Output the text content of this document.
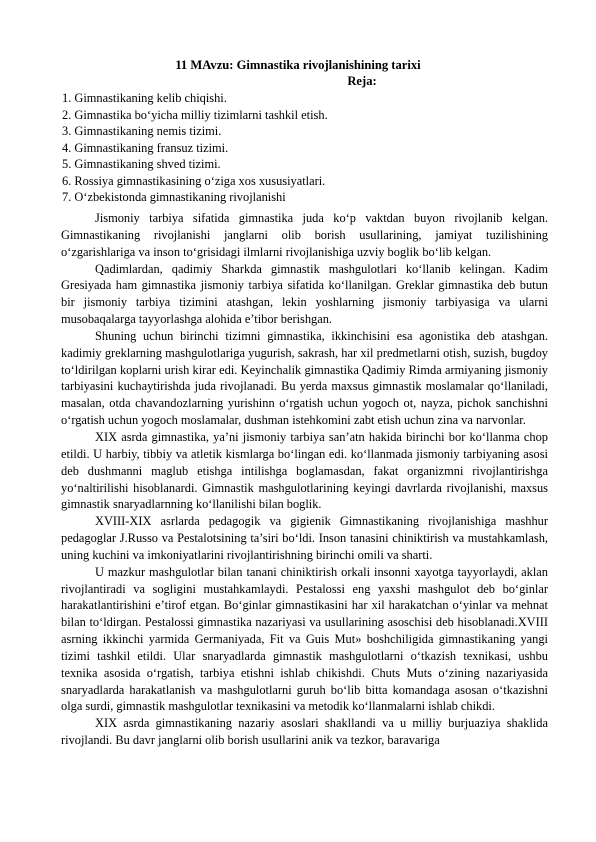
11 MAvzu: Gimnastika rivojlanishining tarixi
Reja:
1. Gimnastikaning kelib chiqishi.
2. Gimnastika bo‘yicha milliy tizimlarni tashkil etish.
3. Gimnastikaning nemis tizimi.
4. Gimnastikaning fransuz tizimi.
5. Gimnastikaning shved tizimi.
6. Rossiya gimnastikasining o‘ziga xos xususiyatlari.
7. O‘zbekistonda gimnastikaning rivojlanishi

Jismoniy tarbiya sifatida gimnastika juda ko‘p vaktdan buyon rivojlanib kelgan. Gimnastikaning rivojlanishi janglarni olib borish usullarining, jamiyat tuzilishining o‘zgarishlariga va inson to‘grisidagi ilmlarni rivojlanishiga uzviy boglik bo‘lib kelgan.

Qadimlardan, qadimiy Sharkda gimnastik mashgulotlari ko‘llanib kelingan. Kadim Gresiyada ham gimnastika jismoniy tarbiya sifatida ko‘llanilgan. Greklar gimnastika deb butun bir jismoniy tarbiya tizimini atashgan, lekin yoshlarning jismoniy tarbiyasiga va ularni musobaqalarga tayyorlashga alohida e’tibor berishgan.

Shuning uchun birinchi tizimni gimnastika, ikkinchisini esa agonistika deb atashgan. kadimiy greklarning mashgulotlariga yugurish, sakrash, har xil predmetlarni otish, suzish, bugdoy to‘ldirilgan koplarni urish kirar edi. Keyinchalik gimnastika Qadimiy Rimda armiyaning jismoniy tarbiyasini kuchaytirishda juda rivojlanadi. Bu yerda maxsus gimnastik moslamalar qo‘llaniladi, masalan, otda chavandozlarning yurishinn o‘rgatish uchun yogoch ot, nayza, pichok sanchishni o‘rgatish uchun yogoch moslamalar, dushman istehkomini zabt etish uchun zina va narvonlar.

XIX asrda gimnastika, ya’ni jismoniy tarbiya san’atn hakida birinchi bor ko‘llanma chop etildi. U harbiy, tibbiy va atletik kismlarga bo‘lingan edi. ko‘llanmada jismoniy tarbiyaning asosi deb dushmanni maglub etishga intilishga boglamasdan, fakat organizmni rivojlantirishga yo‘naltirilishi hisoblanardi. Gimnastik mashgulotlarining keyingi davrlarda rivojlanishi, maxsus gimnastik snaryadlarnning ko‘llanilishi bilan boglik.

XVIII-XIX asrlarda pedagogik va gigienik Gimnastikaning rivojlanishiga mashhur pedagoglar J.Russo va Pestalotsining ta’siri bo‘ldi. Inson tanasini chiniktirish va mustahkamlash, uning kuchini va imkoniyatlarini rivojlantirishning birinchi omili va sharti.

U mazkur mashgulotlar bilan tanani chiniktirish orkali insonni xayotga tayyorlaydi, aklan rivojlantiradi va sogligini mustahkamlaydi. Pestalossi eng yaxshi mashgulot deb bo‘ginlar harakatlantirishini e’tirof etgan. Bo‘ginlar gimnastikasini har xil harakatchan o‘yinlar va mehnat bilan to‘ldirgan. Pestalossi gimnastika nazariyasi va usullarining asoschisi deb hisoblanadi.XVIII asrning ikkinchi yarmida Germaniyada, Fit va Guis Mut» boshchiligida gimnastikaning yangi tizimi tashkil etildi. Ular snaryadlarda gimnastik mashgulotlarni o‘tkazish texnikasi, ushbu texnika asosida o‘rgatish, tarbiya etishni ishlab chikishdi. Chuts Muts o‘zining nazariyasida snaryadlarda harakatlanish va mashgulotlarni guruh bo‘lib bitta komandaga asosan o‘tkazishni olga surdi, gimnastik mashgulotlar texnikasini va metodik ko‘llanmalarni ishlab chikdi.

XIX asrda gimnastikaning nazariy asoslari shakllandi va u milliy burjuaziya shaklida rivojlandi. Bu davr janglarni olib borish usullarini anik va tezkor, baravariga
